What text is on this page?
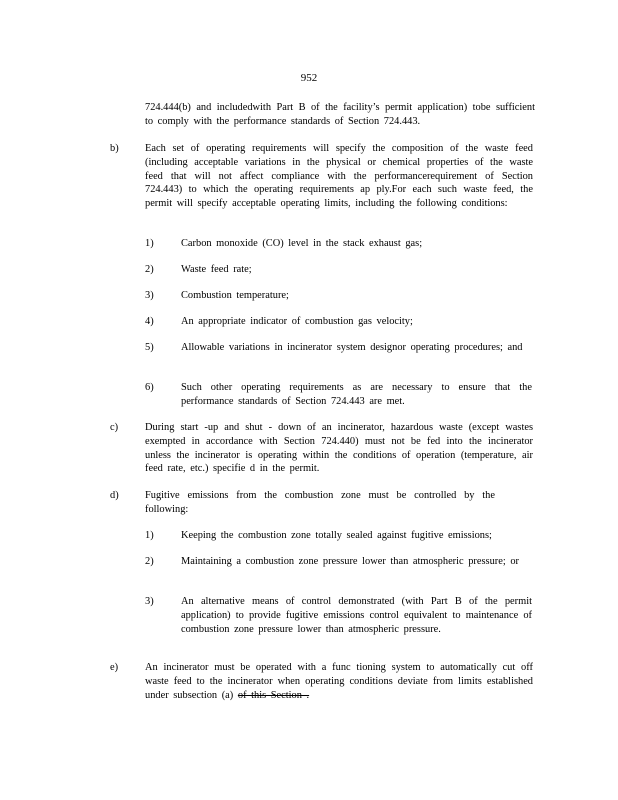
952
724.444(b) and includedwith Part B of the facility’s permit application) tobe sufficient to comply with the performance standards of Section 724.443.
b)	Each set of operating requirements will specify the composition of the waste feed (including acceptable variations in the physical or chemical properties of the waste feed that will not affect compliance with the performancerequirement of Section 724.443) to which the operating requirements ap ply.For each such waste feed, the permit will specify acceptable operating limits, including the following conditions:
1)	Carbon monoxide (CO) level in the stack exhaust gas;
2)	Waste feed rate;
3)	Combustion temperature;
4)	An appropriate indicator of combustion gas velocity;
5)	Allowable variations in incinerator system designor operating procedures; and
6)	Such other operating requirements as are necessary to ensure that the performance standards of Section 724.443 are met.
c)	During start -up and shut - down of an incinerator, hazardous waste (except wastes exempted in accordance with Section 724.440) must not be fed into the incinerator unless the incinerator is operating within the conditions of operation (temperature, air feed rate, etc.) specifie d in the permit.
d)	Fugitive emissions from the combustion zone must be controlled by the following:
1)	Keeping the combustion zone totally sealed against fugitive emissions;
2)	Maintaining a combustion zone pressure lower than atmospheric pressure; or
3)	An alternative means of control demonstrated (with Part B of the permit application) to provide fugitive emissions control equivalent to maintenance of combustion zone pressure lower than atmospheric pressure.
e)	An incinerator must be operated with a func tioning system to automatically cut off waste feed to the incinerator when operating conditions deviate from limits established under subsection (a) of this Section .
